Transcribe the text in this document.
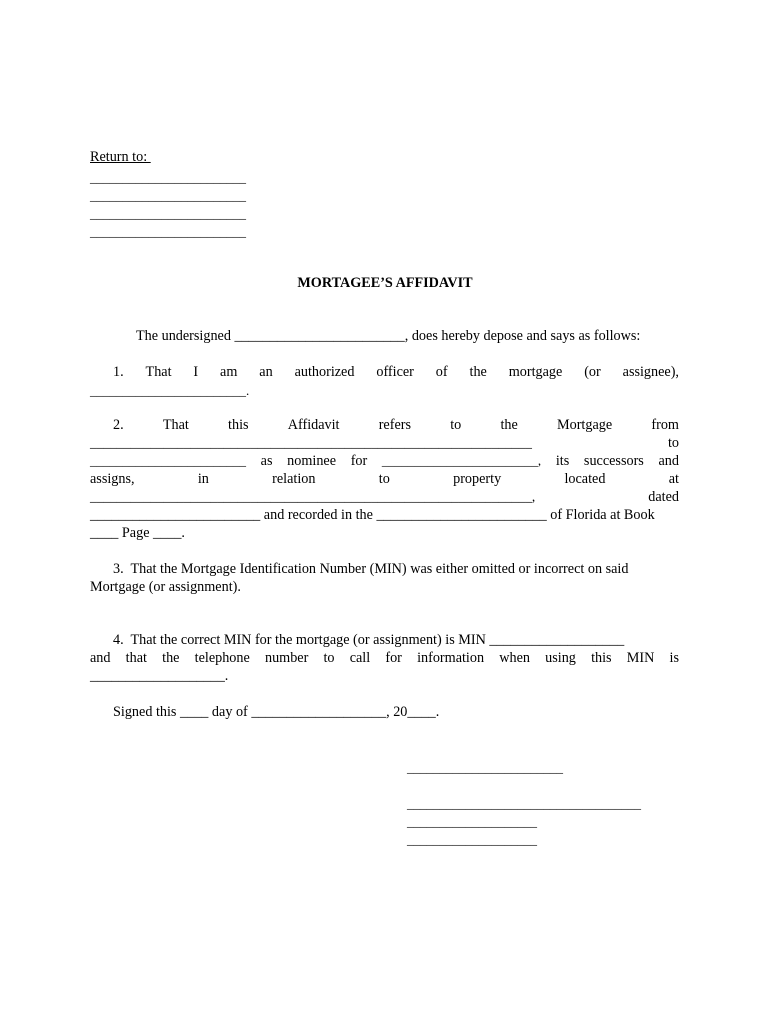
Return to:
________________________
________________________
________________________
________________________
MORTAGEE’S AFFIDAVIT
The undersigned ________________________, does hereby depose and says as follows:
1. That I am an authorized officer of the mortgage (or assignee),
________________________.
2.	That	this	Affidavit	refers	to	the	Mortgage	from
__________________________________________________________________	to
________________________ as nominee for ________________________, its successors and
assigns,	in	relation	to	property	located	at
__________________________________________________________________,	dated
________________________ and recorded in the ________________________ of Florida at Book
____ Page ____.
3.  That the Mortgage Identification Number (MIN) was either omitted or incorrect on said
Mortgage (or assignment).
4.  That the correct MIN for the mortgage (or assignment) is MIN ___________________
and that the telephone number to call for information when using this MIN is
___________________.
Signed this ____ day of ___________________, 20____.
________________________
____________________________________
____________________
____________________
